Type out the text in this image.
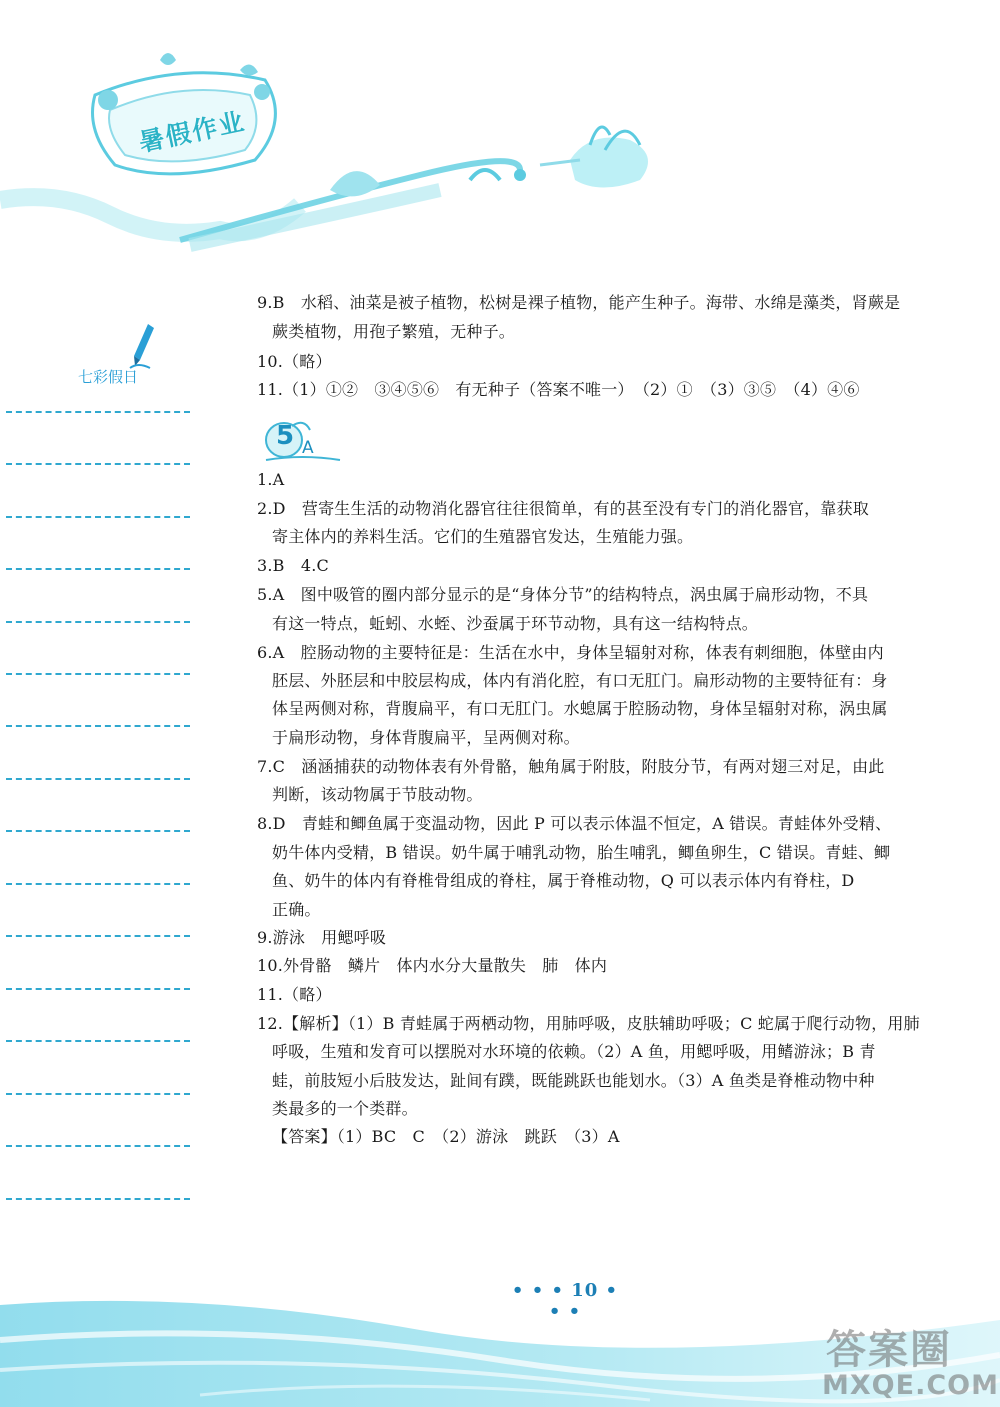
暑假作业
七彩假日
9.B　水稻、油菜是被子植物，松树是裸子植物，能产生种子。海带、水绵是藻类，肾蕨是
蕨类植物，用孢子繁殖，无种子。
10.（略）
11.（1）①②　③④⑤⑥　有无种子（答案不唯一）　（2）①　（3）③⑤　（4）④⑥
5 A
1.A
2.D　营寄生生活的动物消化器官往往很简单，有的甚至没有专门的消化器官，靠获取
寄主体内的养料生活。它们的生殖器官发达，生殖能力强。
3.B　4.C
5.A　图中吸管的圈内部分显示的是“身体分节”的结构特点，涡虫属于扁形动物，不具
有这一特点，蚯蚓、水蛭、沙蚕属于环节动物，具有这一结构特点。
6.A　腔肠动物的主要特征是：生活在水中，身体呈辐射对称，体表有刺细胞，体壁由内
胚层、外胚层和中胶层构成，体内有消化腔，有口无肛门。扁形动物的主要特征有：身
体呈两侧对称，背腹扁平，有口无肛门。水螅属于腔肠动物，身体呈辐射对称，涡虫属
于扁形动物，身体背腹扁平，呈两侧对称。
7.C　涵涵捕获的动物体表有外骨骼，触角属于附肢，附肢分节，有两对翅三对足，由此
判断，该动物属于节肢动物。
8.D　青蛙和鲫鱼属于变温动物，因此 P 可以表示体温不恒定，A 错误。青蛙体外受精、
奶牛体内受精，B 错误。奶牛属于哺乳动物，胎生哺乳，鲫鱼卵生，C 错误。青蛙、鲫
鱼、奶牛的体内有脊椎骨组成的脊柱，属于脊椎动物，Q 可以表示体内有脊柱，D
正确。
9.游泳　用鳃呼吸
10.外骨骼　鳞片　体内水分大量散失　肺　体内
11.（略）
12.【解析】（1）B 青蛙属于两栖动物，用肺呼吸，皮肤辅助呼吸；C 蛇属于爬行动物，用肺
呼吸，生殖和发育可以摆脱对水环境的依赖。（2）A 鱼，用鳃呼吸，用鳍游泳；B 青
蛙，前肢短小后肢发达，趾间有蹼，既能跳跃也能划水。（3）A 鱼类是脊椎动物中种
类最多的一个类群。
【答案】（1）BC　C　（2）游泳　跳跃　（3）A
• • • 10 • • •
答案圈
MXQE.COM
